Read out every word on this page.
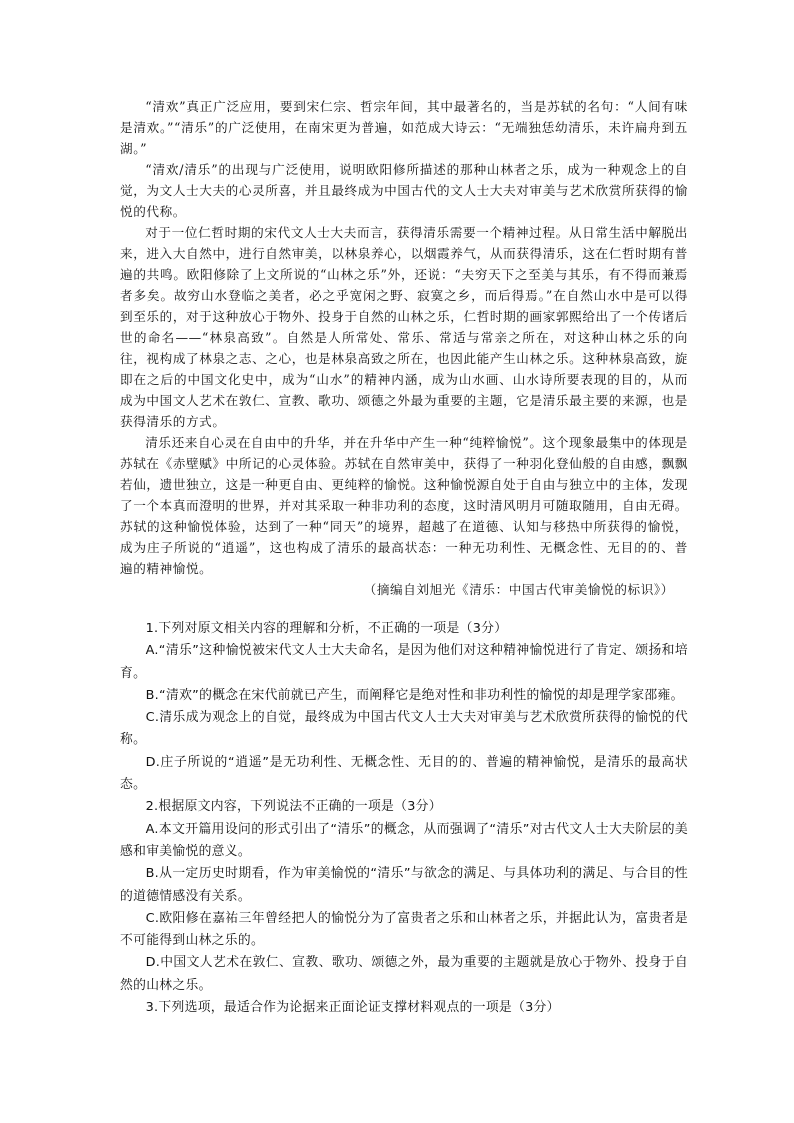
“清欢”真正广泛应用，要到宋仁宗、哲宗年间，其中最著名的，当是苏轼的名句：“人间有味是清欢。”“清乐”的广泛使用，在南宋更为普遍，如范成大诗云：“无端独恁幼清乐，未许扁舟到五湖。”

“清欢/清乐”的出现与广泛使用，说明欧阳修所描述的那种山林者之乐，成为一种观念上的自觉，为文人士大夫的心灵所喜，并且最终成为中国古代的文人士大夫对审美与艺术欣赏所获得的愉悦的代称。

对于一位仁哲时期的宋代文人士大夫而言，获得清乐需要一个精神过程。从日常生活中解脱出来，进入大自然中，进行自然审美，以林泉养心，以烟霞养气，从而获得清乐，这在仁哲时期有普遍的共鸣。欧阳修除了上文所说的“山林之乐”外，还说：“夫穷天下之至美与其乐，有不得而兼焉者多矣。故穷山水登临之美者，必之乎宽闲之野、寂寞之乡，而后得焉。”在自然山水中是可以得到至乐的，对于这种放心于物外、投身于自然的山林之乐，仁哲时期的画家郭熙给出了一个传诸后世的命名——“林泉高致”。自然是人所常处、常乐、常适与常亲之所在，对这种山林之乐的向往，视构成了林泉之志、之心，也是林泉高致之所在，也因此能产生山林之乐。这种林泉高致，旋即在之后的中国文化史中，成为“山水”的精神内涵，成为山水画、山水诗所要表现的目的，从而成为中国文人艺术在敦仁、宣教、歌功、颂德之外最为重要的主题，它是清乐最主要的来源，也是获得清乐的方式。

清乐还来自心灵在自由中的升华，并在升华中产生一种“纯粹愉悦”。这个现象最集中的体现是苏轼在《赤壁赋》中所记的心灵体验。苏轼在自然审美中，获得了一种羽化登仙般的自由感，飘飘若仙，遗世独立，这是一种更自由、更纯粹的愉悦。这种愉悦源自处于自由与独立中的主体，发现了一个本真而澄明的世界，并对其采取一种非功利的态度，这时清风明月可随取随用，自由无碍。苏轼的这种愉悦体验，达到了一种“同天”的境界，超越了在道德、认知与移热中所获得的愉悦，成为庄子所说的“逍遥”，这也构成了清乐的最高状态：一种无功利性、无概念性、无目的的、普遍的精神愉悦。

（摘编自刘旭光《清乐：中国古代审美愉悦的标识》）

1.下列对原文相关内容的理解和分析，不正确的一项是（3分）

A.“清乐”这种愉悦被宋代文人士大夫命名，是因为他们对这种精神愉悦进行了肯定、颂扬和培育。

B.“清欢”的概念在宋代前就已产生，而阐释它是绝对性和非功利性的愉悦的却是理学家邵雍。

C.清乐成为观念上的自觉，最终成为中国古代文人士大夫对审美与艺术欣赏所获得的愉悦的代称。

D.庄子所说的“逍遥”是无功利性、无概念性、无目的的、普遍的精神愉悦，是清乐的最高状态。

2.根据原文内容，下列说法不正确的一项是（3分）

A.本文开篇用设问的形式引出了“清乐”的概念，从而强调了“清乐”对古代文人士大夫阶层的美感和审美愉悦的意义。

B.从一定历史时期看，作为审美愉悦的“清乐”与欲念的满足、与具体功利的满足、与合目的性的道德情感没有关系。

C.欧阳修在嘉祐三年曾经把人的愉悦分为了富贵者之乐和山林者之乐，并据此认为，富贵者是不可能得到山林之乐的。

D.中国文人艺术在敦仁、宣教、歌功、颂德之外，最为重要的主题就是放心于物外、投身于自然的山林之乐。

3.下列选项，最适合作为论据来正面论证支撑材料观点的一项是（3分）
